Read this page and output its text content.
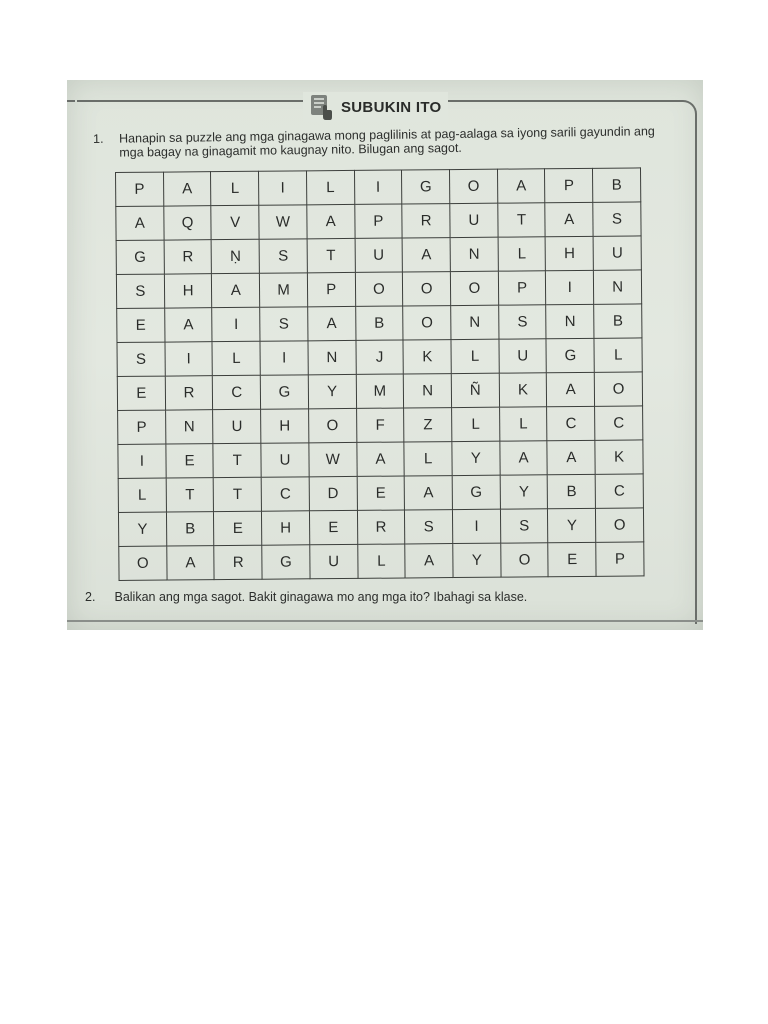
SUBUKIN ITO
1. Hanapin sa puzzle ang mga ginagawa mong paglilinis at pag-aalaga sa iyong sarili gayundin ang mga bagay na ginagamit mo kaugnay nito. Bilugan ang sagot.
P	A	L	I	L	I	G	O	A	P	B
A	Q	V	W	A	P	R	U	T	A	S
G	R	Ṇ	S	T	U	A	N	L	H	U
S	H	A	M	P	O	O	O	P	I	N
E	A	I	S	A	B	O	N	S	N	B
S	I	L	I	N	J	K	L	U	G	L
E	R	C	G	Y	M	N	Ñ	K	A	O
P	N	U	H	O	F	Z	L	L	C	C
I	E	T	U	W	A	L	Y	A	A	K
L	T	T	C	D	E	A	G	Y	B	C
Y	B	E	H	E	R	S	I	S	Y	O
O	A	R	G	U	L	A	Y	O	E	P
2. Balikan ang mga sagot. Bakit ginagawa mo ang mga ito? Ibahagi sa klase.
